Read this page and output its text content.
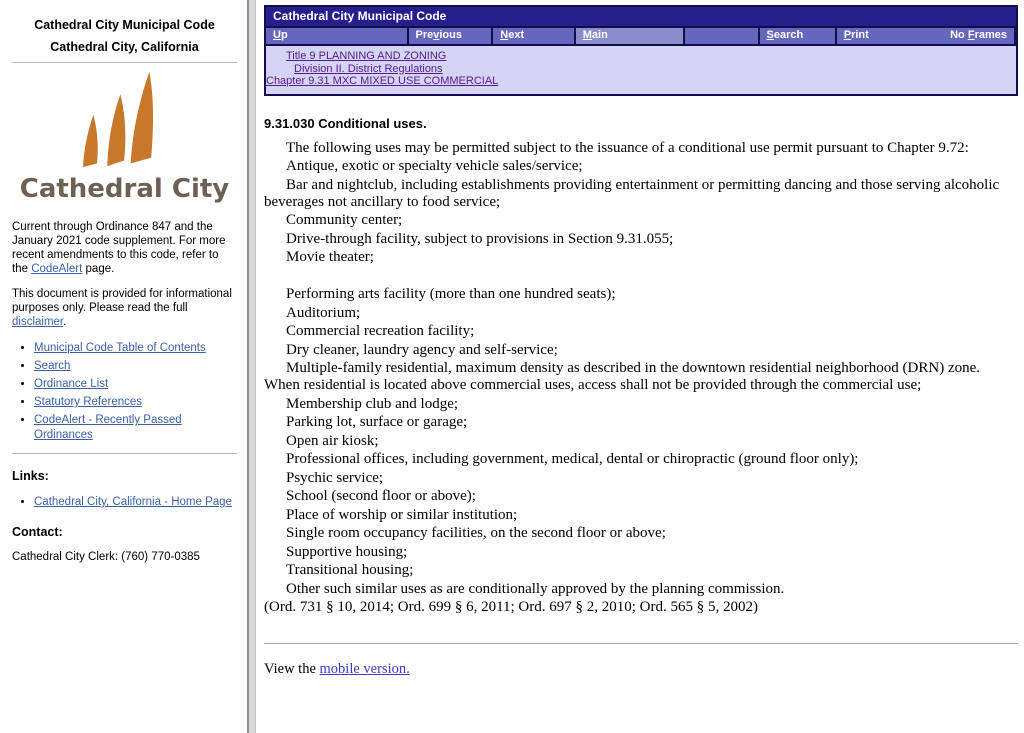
Cathedral City Municipal Code
Cathedral City, California
Cathedral City

Current through Ordinance 847 and the January 2021 code supplement. For more recent amendments to this code, refer to the CodeAlert page.

This document is provided for informational purposes only. Please read the full disclaimer.

• Municipal Code Table of Contents
• Search
• Ordinance List
• Statutory References
• CodeAlert - Recently Passed Ordinances
Links:
• Cathedral City, California - Home Page
Contact:
Cathedral City Clerk: (760) 770-0385
Cathedral City Municipal Code
Up	Previous	Next	Main	Search	Print	No Frames
Title 9 PLANNING AND ZONING
Division II. District Regulations
Chapter 9.31 MXC MIXED USE COMMERCIAL
9.31.030 Conditional uses.

The following uses may be permitted subject to the issuance of a conditional use permit pursuant to Chapter 9.72:

Antique, exotic or specialty vehicle sales/service;

Bar and nightclub, including establishments providing entertainment or permitting dancing and those serving alcoholic beverages not ancillary to food service;

Community center;

Drive-through facility, subject to provisions in Section 9.31.055;

Movie theater;

Performing arts facility (more than one hundred seats);

Auditorium;

Commercial recreation facility;

Dry cleaner, laundry agency and self-service;

Multiple-family residential, maximum density as described in the downtown residential neighborhood (DRN) zone. When residential is located above commercial uses, access shall not be provided through the commercial use;

Membership club and lodge;

Parking lot, surface or garage;

Open air kiosk;

Professional offices, including government, medical, dental or chiropractic (ground floor only);

Psychic service;

School (second floor or above);

Place of worship or similar institution;

Single room occupancy facilities, on the second floor or above;

Supportive housing;

Transitional housing;

Other such similar uses as are conditionally approved by the planning commission.

(Ord. 731 § 10, 2014; Ord. 699 § 6, 2011; Ord. 697 § 2, 2010; Ord. 565 § 5, 2002)

View the mobile version.
